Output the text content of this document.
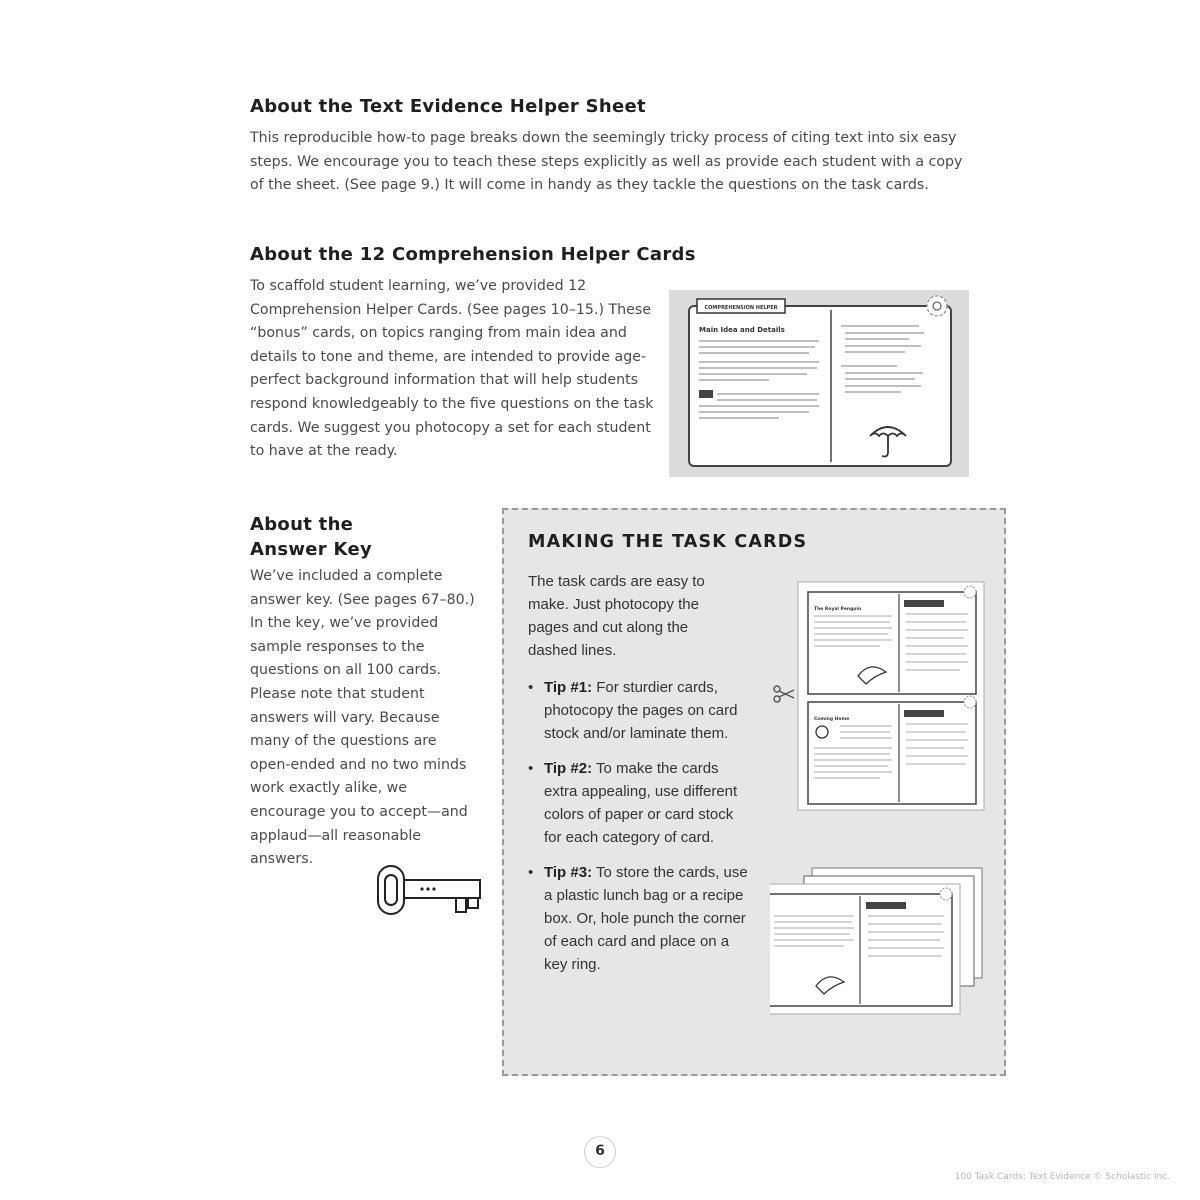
About the Text Evidence Helper Sheet

This reproducible how-to page breaks down the seemingly tricky process of citing text into six easy steps. We encourage you to teach these steps explicitly as well as provide each student with a copy of the sheet. (See page 9.) It will come in handy as they tackle the questions on the task cards.

About the 12 Comprehension Helper Cards

To scaffold student learning, we’ve provided 12 Comprehension Helper Cards. (See pages 10–15.) These “bonus” cards, on topics ranging from main idea and details to tone and theme, are intended to provide age-perfect background information that will help students respond knowledgeably to the five questions on the task cards. We suggest you photocopy a set for each student to have at the ready.

COMPREHENSION HELPER
Main Idea and Details
About the
Answer Key

We’ve included a complete answer key. (See pages 67–80.) In the key, we’ve provided sample responses to the questions on all 100 cards. Please note that student answers will vary. Because many of the questions are open-ended and no two minds work exactly alike, we encourage you to accept—and applaud—all reasonable answers.

MAKING THE TASK CARDS

The task cards are easy to make. Just photocopy the pages and cut along the dashed lines.

• Tip #1: For sturdier cards, photocopy the pages on card stock and/or laminate them.
• Tip #2: To make the cards extra appealing, use different colors of paper or card stock for each category of card.
• Tip #3: To store the cards, use a plastic lunch bag or a recipe box. Or, hole punch the corner of each card and place on a key ring.
The Royal Penguin
Coming Home
6

100 Task Cards: Text Evidence © Scholastic Inc.
